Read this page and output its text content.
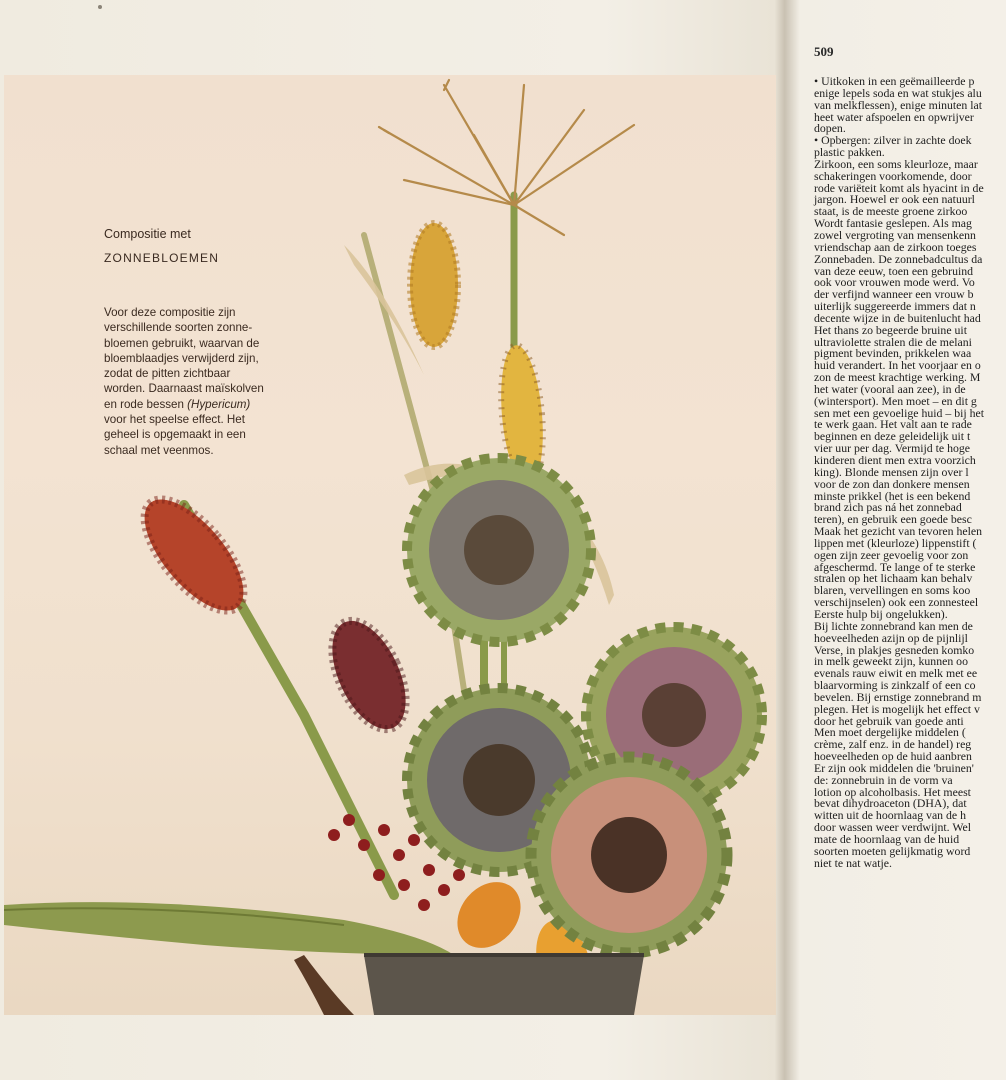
Compositie met
ZONNEBLOEMEN

Voor deze compositie zijn verschillende soorten zonnebloemen gebruikt, waarvan de bloemblaadjes verwijderd zijn, zodat de pitten zichtbaar worden. Daarnaast maïskolven en rode bessen (Hypericum) voor het speelse effect. Het geheel is opgemaakt in een schaal met veenmos.

509
• Uitkoken in een geëmailleerde p
enige lepels soda en wat stukjes alu
van melkflessen), enige minuten lat
heet water afspoelen en opwrijver
dopen.
• Opbergen: zilver in zachte doek
plastic pakken.
Zirkoon, een soms kleurloze, maar
schakeringen voorkomende, door
rode variëteit komt als hyacint in de
jargon. Hoewel er ook een natuurl
staat, is de meeste groene zirkoo
Wordt fantasie geslepen. Als mag
zowel vergroting van mensenkenn
vriendschap aan de zirkoon toeges
Zonnebaden. De zonnebadcultus da
van deze eeuw, toen een gebruind
ook voor vrouwen mode werd. Vo
der verfijnd wanneer een vrouw b
uiterlijk suggereerde immers dat n
decente wijze in de buitenlucht had
Het thans zo begeerde bruine uit
ultraviolette stralen die de melani
pigment bevinden, prikkelen waa
huid verandert. In het voorjaar en o
zon de meest krachtige werking. M
het water (vooral aan zee), in de
(wintersport). Men moet – en dit g
sen met een gevoelige huid – bij het
te werk gaan. Het valt aan te rade
beginnen en deze geleidelijk uit t
vier uur per dag. Vermijd te hoge
kinderen dient men extra voorzich
king). Blonde mensen zijn over l
voor de zon dan donkere mensen
minste prikkel (het is een bekend
brand zich pas ná het zonnebad
teren), en gebruik een goede besc
Maak het gezicht van tevoren helen
lippen met (kleurloze) lippenstift (
ogen zijn zeer gevoelig voor zon
afgeschermd. Te lange of te sterke
stralen op het lichaam kan behalv
blaren, vervellingen en soms koo
verschijnselen) ook een zonnesteel
Eerste hulp bij ongelukken).
Bij lichte zonnebrand kan men de
hoeveelheden azijn op de pijnlijl
Verse, in plakjes gesneden komko
in melk geweekt zijn, kunnen oo
evenals rauw eiwit en melk met ee
blaarvorming is zinkzalf of een co
bevelen. Bij ernstige zonnebrand m
plegen. Het is mogelijk het effect v
door het gebruik van goede anti
Men moet dergelijke middelen (
crème, zalf enz. in de handel) reg
hoeveelheden op de huid aanbren
Er zijn ook middelen die 'bruinen'
de: zonnebruin in de vorm va
lotion op alcoholbasis. Het meest
bevat dihydroaceton (DHA), dat
witten uit de hoornlaag van de h
door wassen weer verdwijnt. Wel
mate de hoornlaag van de huid
soorten moeten gelijkmatig word
niet te nat watje.
